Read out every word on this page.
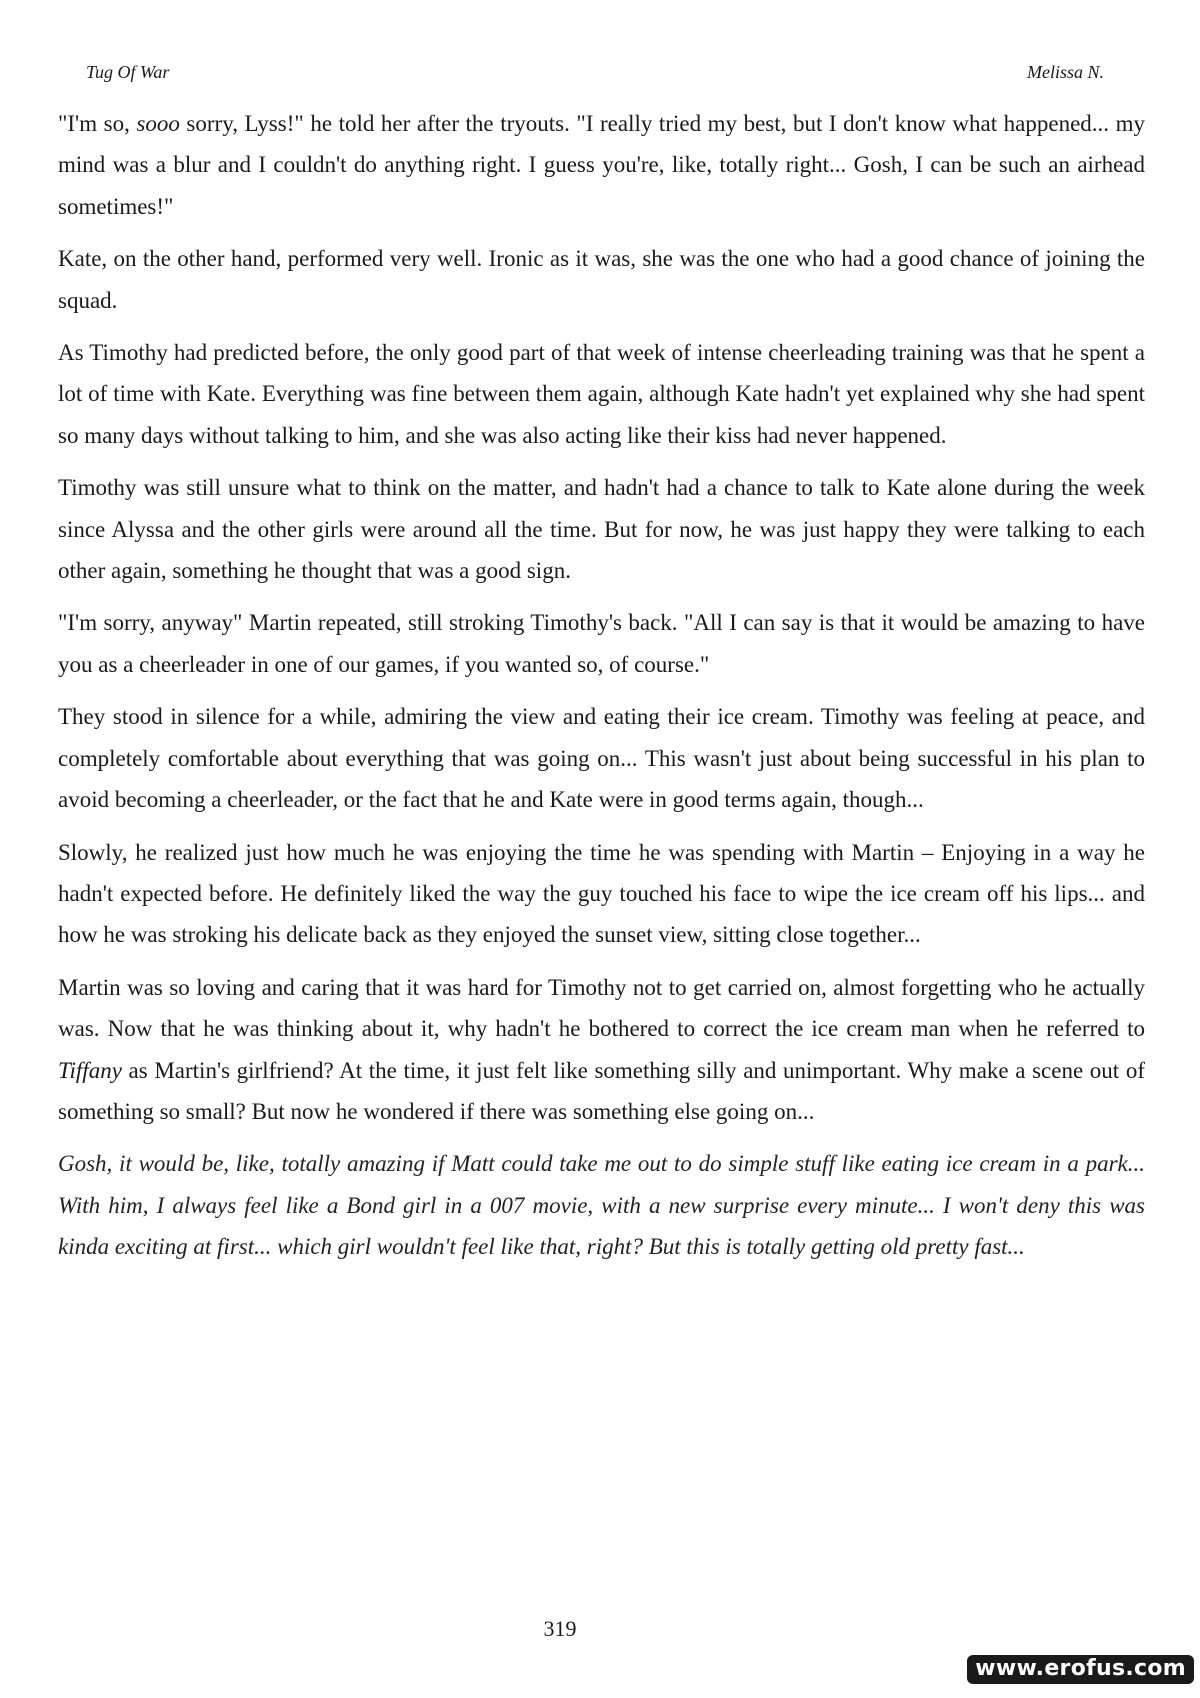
Tug Of War	Melissa N.

"I'm so, sooo sorry, Lyss!" he told her after the tryouts. "I really tried my best, but I don't know what happened... my mind was a blur and I couldn't do anything right. I guess you're, like, totally right... Gosh, I can be such an airhead sometimes!"

Kate, on the other hand, performed very well. Ironic as it was, she was the one who had a good chance of joining the squad.

As Timothy had predicted before, the only good part of that week of intense cheerleading training was that he spent a lot of time with Kate. Everything was fine between them again, although Kate hadn't yet explained why she had spent so many days without talking to him, and she was also acting like their kiss had never happened.

Timothy was still unsure what to think on the matter, and hadn't had a chance to talk to Kate alone during the week since Alyssa and the other girls were around all the time. But for now, he was just happy they were talking to each other again, something he thought that was a good sign.

"I'm sorry, anyway" Martin repeated, still stroking Timothy's back. "All I can say is that it would be amazing to have you as a cheerleader in one of our games, if you wanted so, of course."

They stood in silence for a while, admiring the view and eating their ice cream. Timothy was feeling at peace, and completely comfortable about everything that was going on... This wasn't just about being successful in his plan to avoid becoming a cheerleader, or the fact that he and Kate were in good terms again, though...

Slowly, he realized just how much he was enjoying the time he was spending with Martin – Enjoying in a way he hadn't expected before. He definitely liked the way the guy touched his face to wipe the ice cream off his lips... and how he was stroking his delicate back as they enjoyed the sunset view, sitting close together...

Martin was so loving and caring that it was hard for Timothy not to get carried on, almost forgetting who he actually was. Now that he was thinking about it, why hadn't he bothered to correct the ice cream man when he referred to Tiffany as Martin's girlfriend? At the time, it just felt like something silly and unimportant. Why make a scene out of something so small? But now he wondered if there was something else going on...

Gosh, it would be, like, totally amazing if Matt could take me out to do simple stuff like eating ice cream in a park... With him, I always feel like a Bond girl in a 007 movie, with a new surprise every minute... I won't deny this was kinda exciting at first... which girl wouldn't feel like that, right? But this is totally getting old pretty fast...

319
www.erofus.com
